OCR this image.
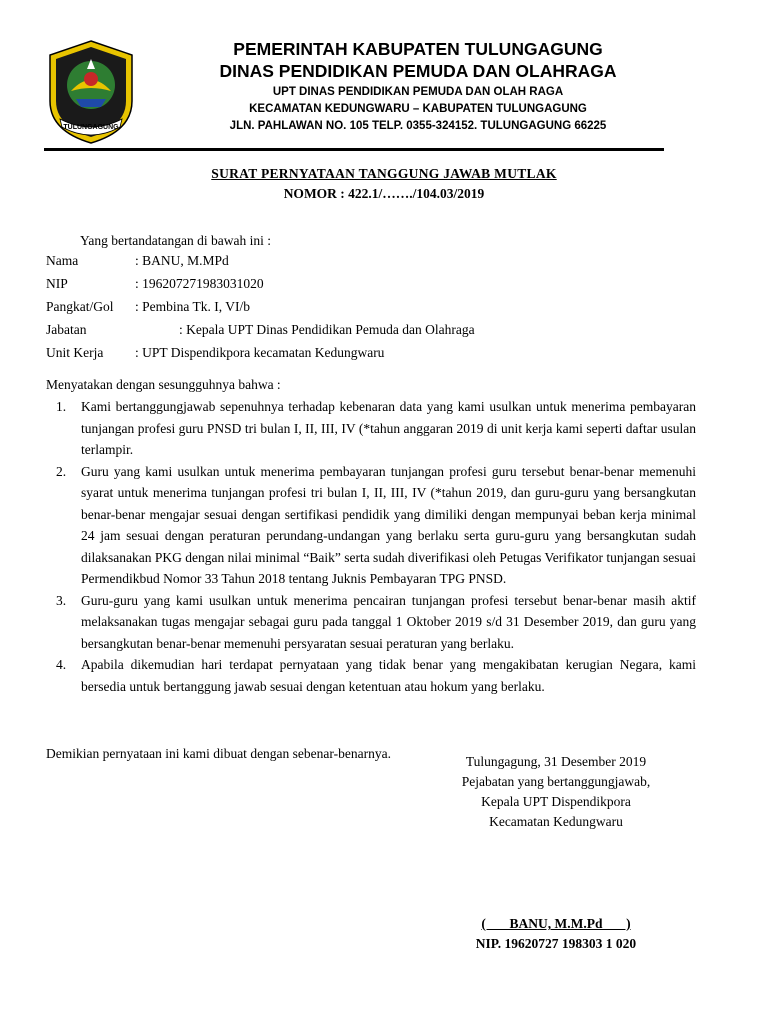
TULUNGAGUNG
PEMERINTAH KABUPATEN TULUNGAGUNG
DINAS PENDIDIKAN PEMUDA DAN OLAHRAGA
UPT DINAS PENDIDIKAN PEMUDA DAN OLAH RAGA
KECAMATAN KEDUNGWARU – KABUPATEN TULUNGAGUNG
JLN. PAHLAWAN NO. 105 TELP. 0355-324152. TULUNGAGUNG 66225
SURAT PERNYATAAN TANGGUNG JAWAB MUTLAK
NOMOR : 422.1/……./104.03/2019
Yang bertandatangan di bawah ini :
Nama	: BANU, M.MPd
NIP	: 196207271983031020
Pangkat/Gol : Pembina Tk. I, VI/b
Jabatan	: Kepala UPT Dinas Pendidikan Pemuda dan Olahraga
Unit Kerja : UPT Dispendikpora kecamatan Kedungwaru
Menyatakan dengan sesungguhnya bahwa :
1. Kami bertanggungjawab sepenuhnya terhadap kebenaran data yang kami usulkan untuk menerima pembayaran tunjangan profesi guru PNSD tri bulan I, II, III, IV (*tahun anggaran 2019 di unit kerja kami seperti daftar usulan terlampir.
2. Guru yang kami usulkan untuk menerima pembayaran tunjangan profesi guru tersebut benar-benar memenuhi syarat untuk menerima tunjangan profesi tri bulan I, II, III, IV (*tahun 2019, dan guru-guru yang bersangkutan benar-benar mengajar sesuai dengan sertifikasi pendidik yang dimiliki dengan mempunyai beban kerja minimal 24 jam sesuai dengan peraturan perundang-undangan yang berlaku serta guru-guru yang bersangkutan sudah dilaksanakan PKG dengan nilai minimal “Baik” serta sudah diverifikasi oleh Petugas Verifikator tunjangan sesuai Permendikbud Nomor 33 Tahun 2018 tentang Juknis Pembayaran TPG PNSD.
3. Guru-guru yang kami usulkan untuk menerima pencairan tunjangan profesi tersebut benar-benar masih aktif melaksanakan tugas mengajar sebagai guru pada tanggal 1 Oktober 2019 s/d 31 Desember 2019, dan guru yang bersangkutan benar-benar memenuhi persyaratan sesuai peraturan yang berlaku.
4. Apabila dikemudian hari terdapat pernyataan yang tidak benar yang mengakibatan kerugian Negara, kami bersedia untuk bertanggung jawab sesuai dengan ketentuan atau hokum yang berlaku.
Demikian pernyataan ini kami dibuat dengan sebenar-benarnya.
Tulungagung, 31 Desember 2019
Pejabatan yang bertanggungjawab,
Kepala UPT Dispendikpora
Kecamatan Kedungwaru
(       BANU, M.M.Pd       )
NIP. 19620727 198303 1 020
